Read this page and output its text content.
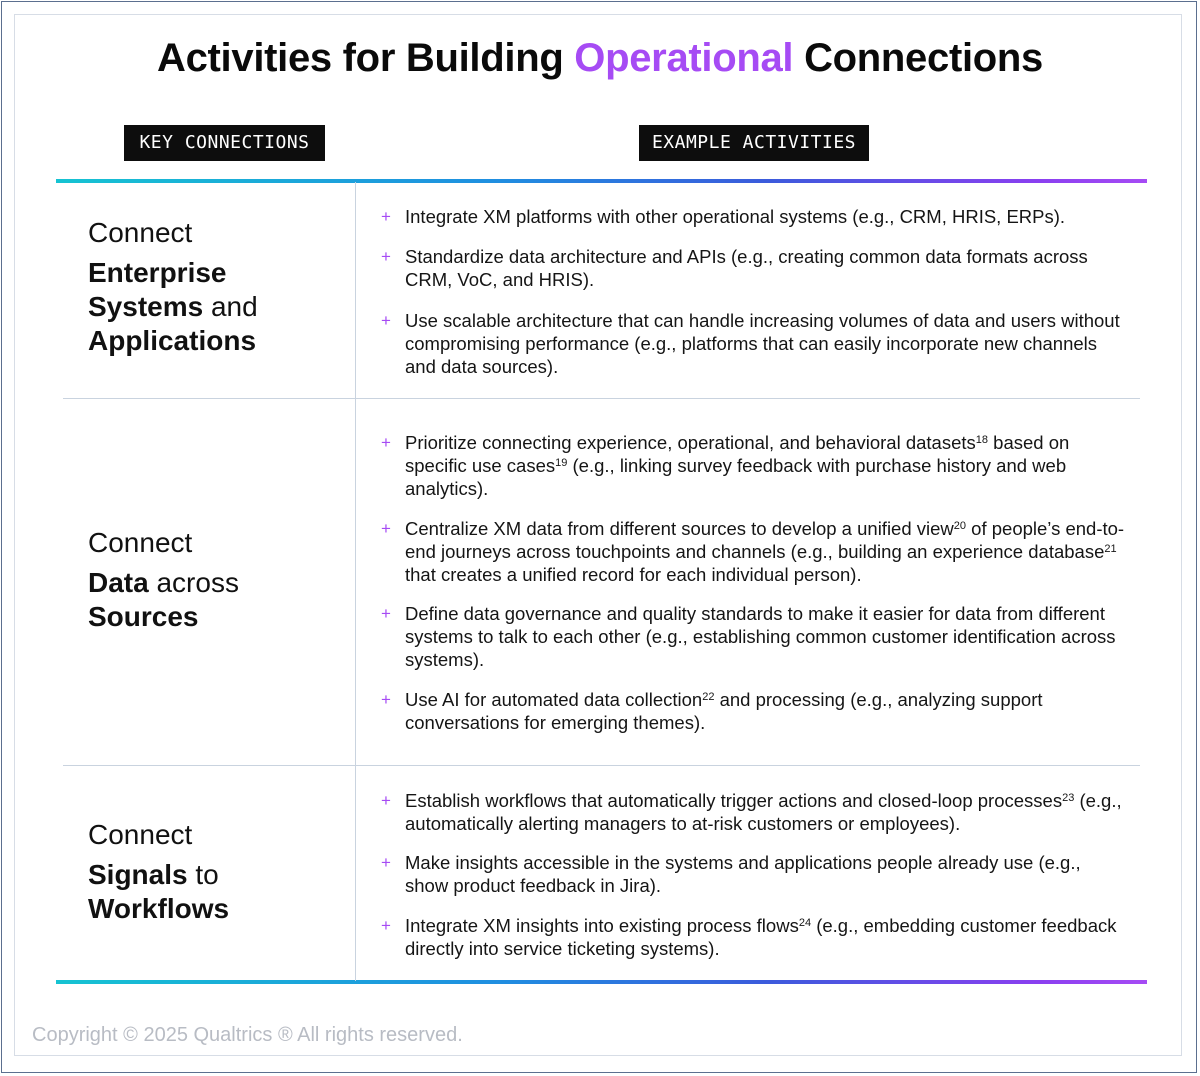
Activities for Building Operational Connections
KEY CONNECTIONS	EXAMPLE ACTIVITIES
Connect
Enterprise
Systems and
Applications
+ Integrate XM platforms with other operational systems (e.g., CRM, HRIS, ERPs).
+ Standardize data architecture and APIs (e.g., creating common data formats across CRM, VoC, and HRIS).
+ Use scalable architecture that can handle increasing volumes of data and users without compromising performance (e.g., platforms that can easily incorporate new channels and data sources).
Connect
Data across
Sources
+ Prioritize connecting experience, operational, and behavioral datasets$^{18}$ based on specific use cases$^{19}$ (e.g., linking survey feedback with purchase history and web analytics).
+ Centralize XM data from different sources to develop a unified view$^{20}$ of people’s end-to-end journeys across touchpoints and channels (e.g., building an experience database$^{21}$ that creates a unified record for each individual person).
+ Define data governance and quality standards to make it easier for data from different systems to talk to each other (e.g., establishing common customer identification across systems).
+ Use AI for automated data collection$^{22}$ and processing (e.g., analyzing support conversations for emerging themes).
Connect
Signals to
Workflows
+ Establish workflows that automatically trigger actions and closed-loop processes$^{23}$ (e.g., automatically alerting managers to at-risk customers or employees).
+ Make insights accessible in the systems and applications people already use (e.g., show product feedback in Jira).
+ Integrate XM insights into existing process flows$^{24}$ (e.g., embedding customer feedback directly into service ticketing systems).
Copyright © 2025 Qualtrics ® All rights reserved.
